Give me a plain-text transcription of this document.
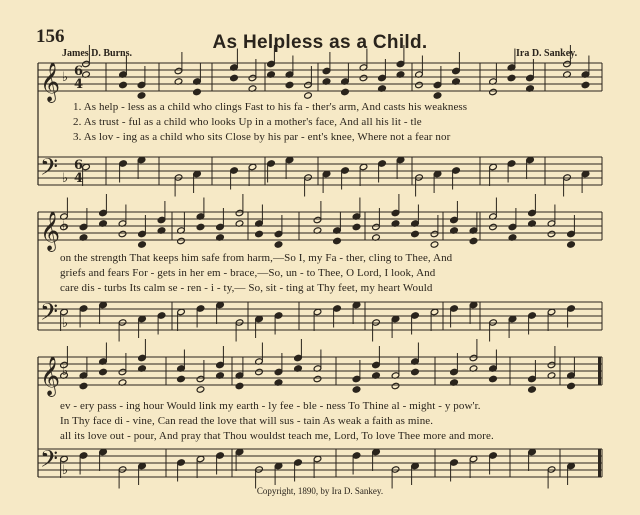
𝄞
𝄢
♭
♭
6
6
4
4
𝄞
𝄢
♭
♭
𝄞
𝄢
♭
♭
156	As Helpless as a Child.
James D. Burns.	Ira D. Sankey.
1. As help - less as a child who clings Fast to his fa - ther's arm, And casts his weakness
2. As trust - ful as a child who looks Up in a mother's face, And all his lit - tle
3. As lov - ing as a child who sits Close by his par - ent's knee, Where not a fear nor
on the strength That keeps him safe from harm,—So I, my Fa - ther, cling to Thee, And
griefs and fears For - gets in her em - brace,—So, un - to Thee, O Lord, I look, And
care dis - turbs Its calm se - ren - i - ty,— So, sit - ting at Thy feet, my heart Would
ev - ery pass - ing hour Would link my earth - ly fee - ble - ness To Thine al - might - y pow'r.
In Thy face di - vine, Can read the love that will sus - tain As weak a faith as mine.
all its love out - pour, And pray that Thou wouldst teach me, Lord, To love Thee more and more.
Copyright, 1890, by Ira D. Sankey.
